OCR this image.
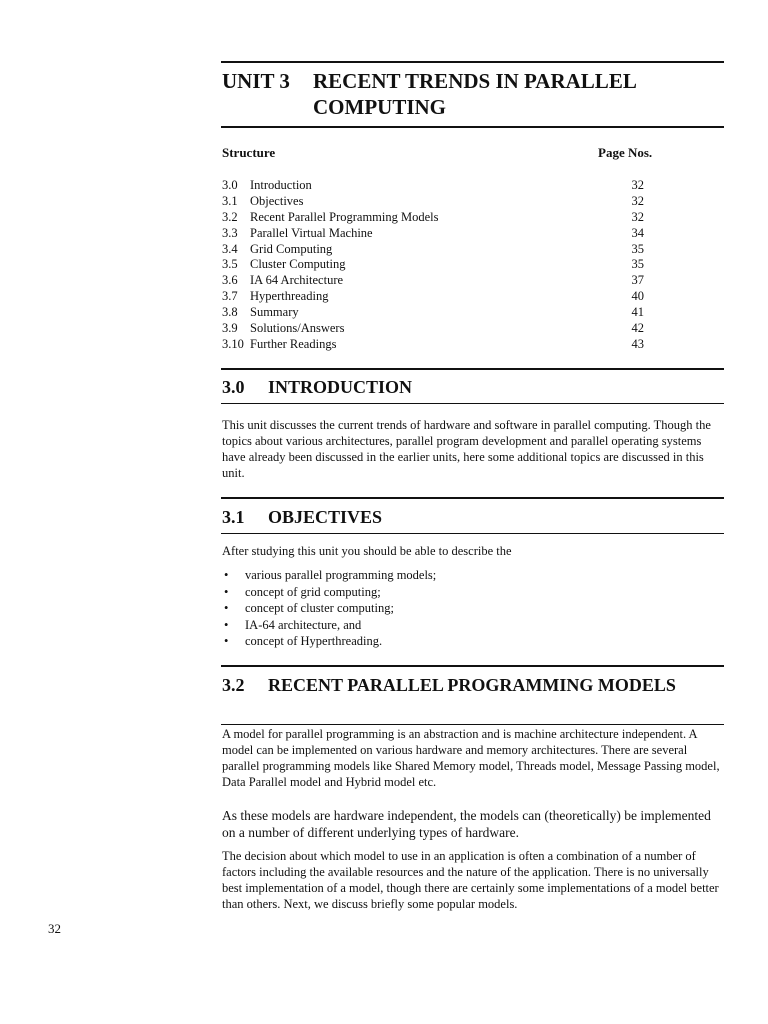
UNIT 3 RECENT TRENDS IN PARALLEL COMPUTING
Structure	Page Nos.
3.0 Introduction	32
3.1 Objectives	32
3.2 Recent Parallel Programming Models	32
3.3 Parallel Virtual Machine	34
3.4 Grid Computing	35
3.5 Cluster Computing	35
3.6 IA 64 Architecture	37
3.7 Hyperthreading	40
3.8 Summary	41
3.9 Solutions/Answers	42
3.10 Further Readings	43
3.0 INTRODUCTION
This unit discusses the current trends of hardware and software in parallel computing. Though the topics about various architectures, parallel program development and parallel operating systems have already been discussed in the earlier units, here some additional topics are discussed in this unit.
3.1 OBJECTIVES
After studying this unit you should be able to describe the
• various parallel programming models;
• concept of grid computing;
• concept of cluster computing;
• IA-64 architecture, and
• concept of Hyperthreading.
3.2 RECENT PARALLEL PROGRAMMING MODELS
A model for parallel programming is an abstraction and is machine architecture independent. A model can be implemented on various hardware and memory architectures. There are several parallel programming models like Shared Memory model, Threads model, Message Passing model, Data Parallel model and Hybrid model etc.
As these models are hardware independent, the models can (theoretically) be implemented on a number of different underlying types of hardware.
The decision about which model to use in an application is often a combination of a number of factors including the available resources and the nature of the application. There is no universally best implementation of a model, though there are certainly some implementations of a model better than others. Next, we discuss briefly some popular models.
32
